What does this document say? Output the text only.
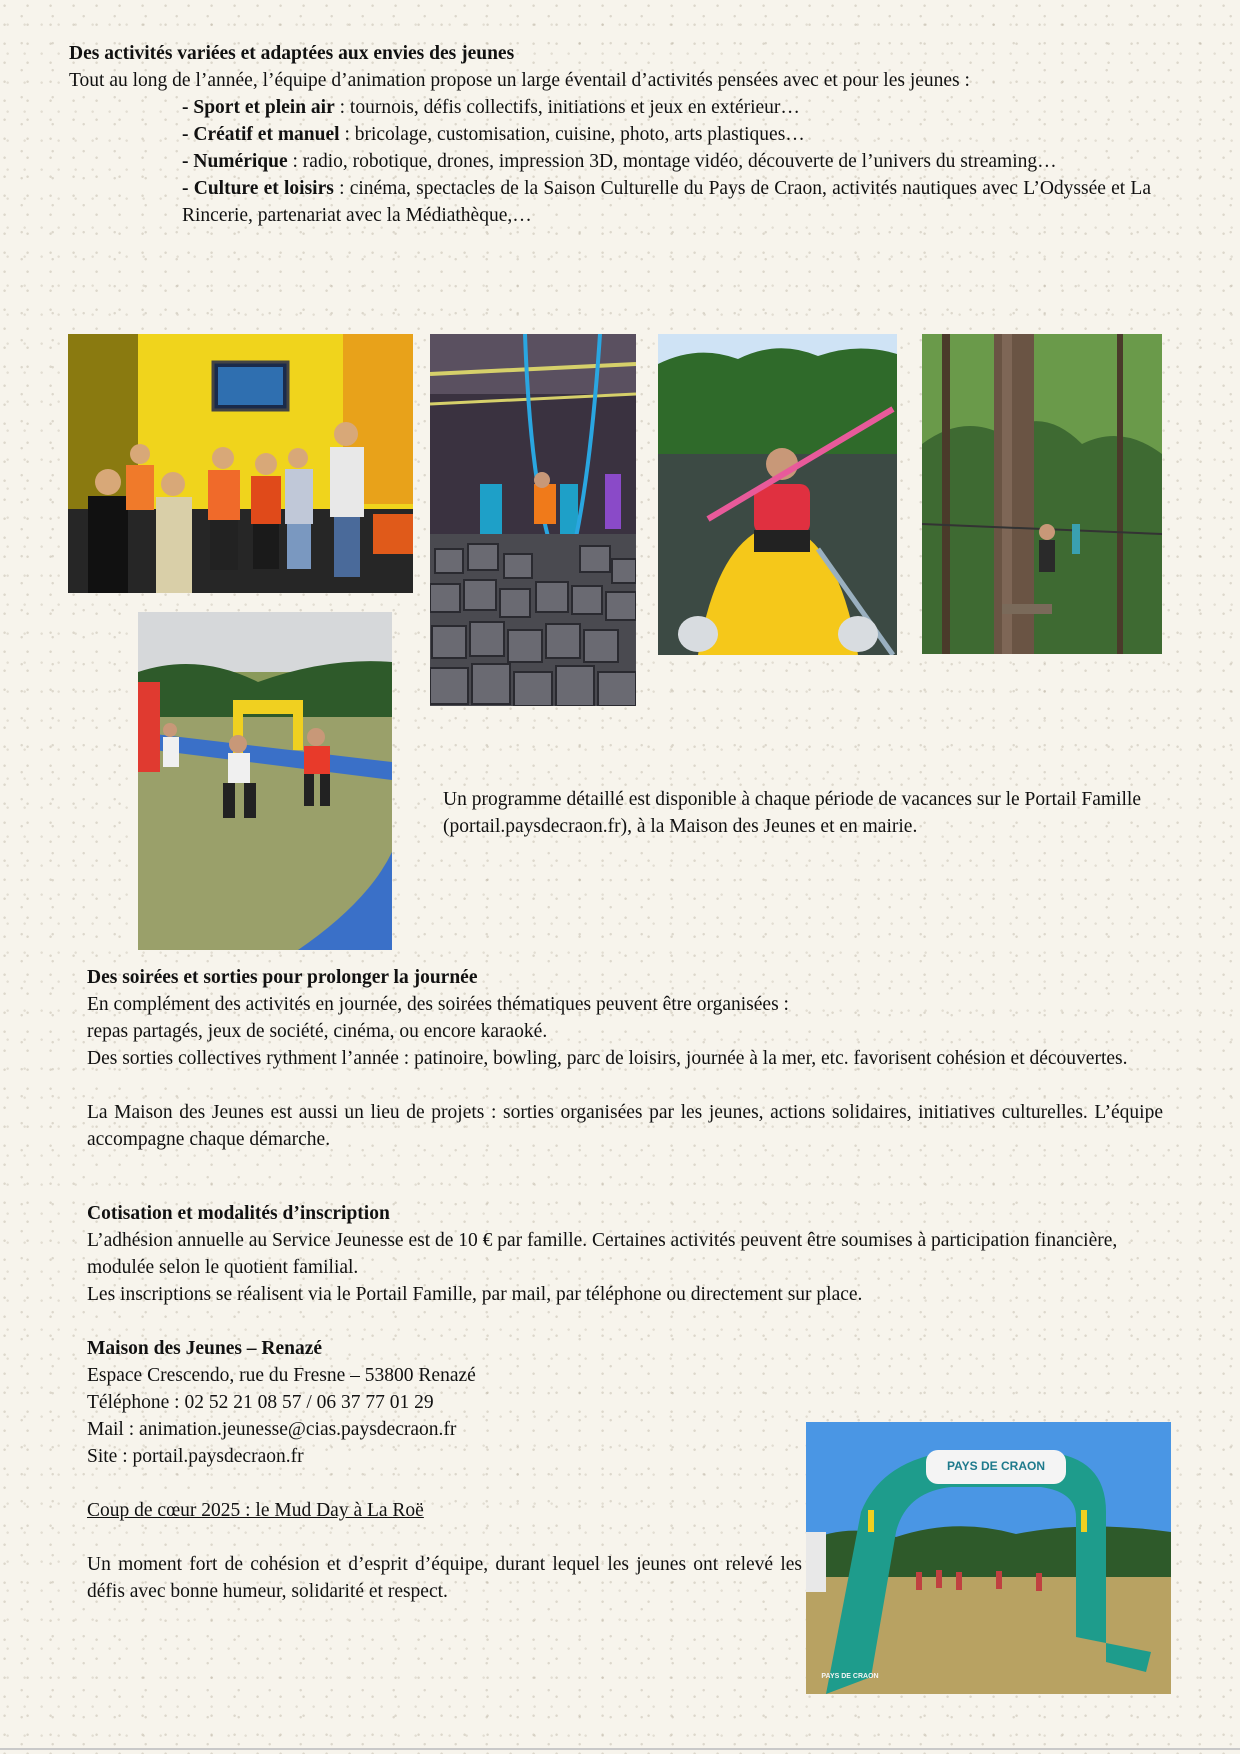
Des activités variées et adaptées aux envies des jeunes

Tout au long de l’année, l’équipe d’animation propose un large éventail d’activités pensées avec et pour les jeunes :

- Sport et plein air : tournois, défis collectifs, initiations et jeux en extérieur…

- Créatif et manuel : bricolage, customisation, cuisine, photo, arts plastiques…

- Numérique : radio, robotique, drones, impression 3D, montage vidéo, découverte de l’univers du streaming…

- Culture et loisirs : cinéma, spectacles de la Saison Culturelle du Pays de Craon, activités nautiques avec L’Odyssée et La Rincerie, partenariat avec la Médiathèque,…

Un programme détaillé est disponible à chaque période de vacances sur le Portail Famille (portail.paysdecraon.fr), à la Maison des Jeunes et en mairie.

Des soirées et sorties pour prolonger la journée

En complément des activités en journée, des soirées thématiques peuvent être organisées :

repas partagés, jeux de société, cinéma, ou encore karaoké.

Des sorties collectives rythment l’année : patinoire, bowling, parc de loisirs, journée à la mer, etc. favorisent cohésion et découvertes.

La Maison des Jeunes est aussi un lieu de projets : sorties organisées par les jeunes, actions solidaires, initiatives culturelles. L’équipe accompagne chaque démarche.

Cotisation et modalités d’inscription

L’adhésion annuelle au Service Jeunesse est de 10 € par famille. Certaines activités peuvent être soumises à participation financière, modulée selon le quotient familial.

Les inscriptions se réalisent via le Portail Famille, par mail, par téléphone ou directement sur place.

Maison des Jeunes – Renazé

Espace Crescendo, rue du Fresne – 53800 Renazé

Téléphone : 02 52 21 08 57 / 06 37 77 01 29

Mail : animation.jeunesse@cias.paysdecraon.fr

Site : portail.paysdecraon.fr

Coup de cœur 2025 : le Mud Day à La Roë

Un moment fort de cohésion et d’esprit d’équipe, durant lequel les jeunes ont relevé les défis avec bonne humeur, solidarité et respect.

PAYS DE CRAON
PAYS DE CRAON
